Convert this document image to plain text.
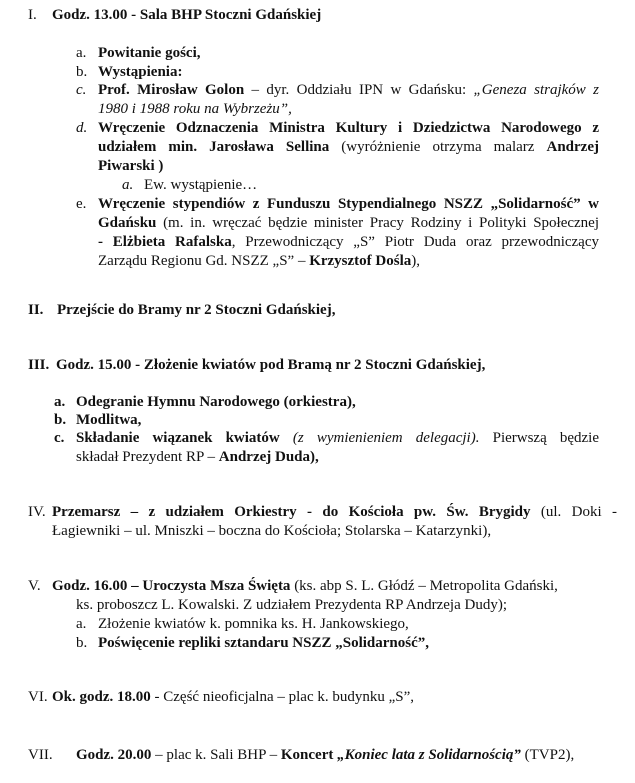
I. Godz. 13.00 - Sala BHP Stoczni Gdańskiej
a. Powitanie gości,
b. Wystąpienia:
c. Prof. Mirosław Golon – dyr. Oddziału IPN w Gdańsku: „Geneza strajków z
1980 i 1988 roku na Wybrzeżu”,
d. Wręczenie Odznaczenia Ministra Kultury i Dziedzictwa Narodowego z
udziałem min. Jarosława Sellina (wyróżnienie otrzyma malarz Andrzej
Piwarski )
a. Ew. wystąpienie…
e. Wręczenie stypendiów z Funduszu Stypendialnego NSZZ „Solidarność” w
Gdańsku (m. in. wręczać będzie minister Pracy Rodziny i Polityki Społecznej
- Elżbieta Rafalska, Przewodniczący „S” Piotr Duda oraz przewodniczący
Zarządu Regionu Gd. NSZZ „S” – Krzysztof Dośla),
II. Przejście do Bramy nr 2 Stoczni Gdańskiej,
III. Godz. 15.00 - Złożenie kwiatów pod Bramą nr 2 Stoczni Gdańskiej,
a. Odegranie Hymnu Narodowego (orkiestra),
b. Modlitwa,
c. Składanie wiązanek kwiatów (z wymienieniem delegacji). Pierwszą będzie
składał Prezydent RP – Andrzej Duda),
IV. Przemarsz – z udziałem Orkiestry - do Kościoła pw. Św. Brygidy (ul. Doki -
Łagiewniki – ul. Mniszki – boczna do Kościoła; Stolarska – Katarzynki),
V. Godz. 16.00 – Uroczysta Msza Święta (ks. abp S. L. Głódź – Metropolita Gdański,
ks. proboszcz L. Kowalski. Z udziałem Prezydenta RP Andrzeja Dudy);
a. Złożenie kwiatów k. pomnika ks. H. Jankowskiego,
b. Poświęcenie repliki sztandaru NSZZ „Solidarność”,
VI. Ok. godz. 18.00 - Część nieoficjalna – plac k. budynku „S”,
VII. Godz. 20.00 – plac k. Sali BHP – Koncert „Koniec lata z Solidarnością” (TVP2),
